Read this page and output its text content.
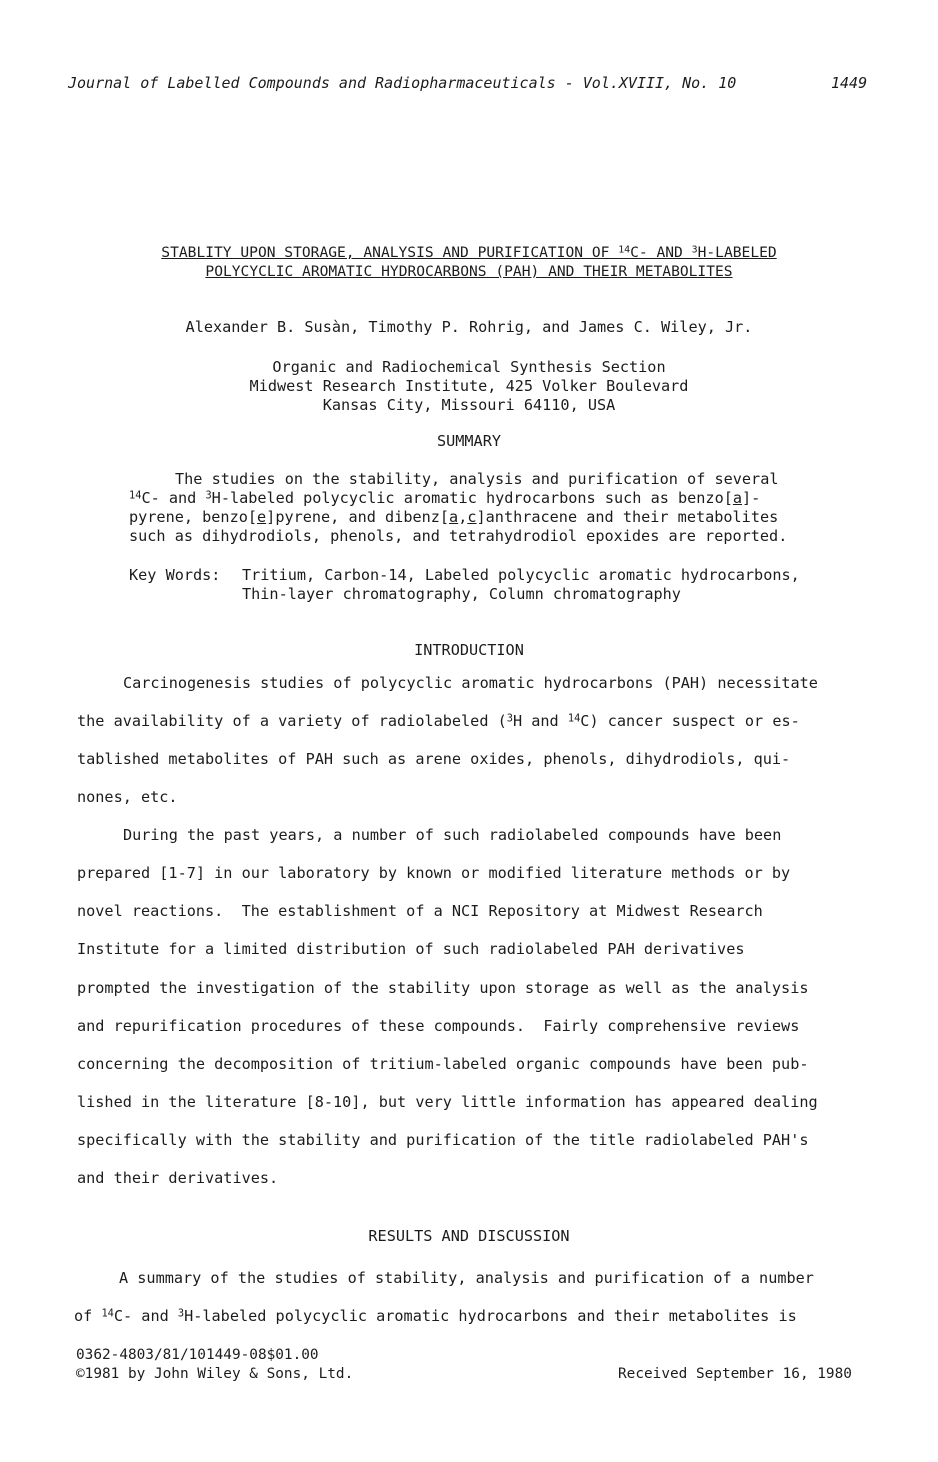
Journal of Labelled Compounds and Radiopharmaceuticals - Vol.XVIII, No. 10	1449
STABLITY UPON STORAGE, ANALYSIS AND PURIFICATION OF $^{14}$C- AND $^3$H-LABELED
POLYCYCLIC AROMATIC HYDROCARBONS (PAH) AND THEIR METABOLITES
Alexander B. Susàn, Timothy P. Rohrig, and James C. Wiley, Jr.
Organic and Radiochemical Synthesis Section
Midwest Research Institute, 425 Volker Boulevard
Kansas City, Missouri 64110, USA
SUMMARY
The studies on the stability, analysis and purification of several
$^{14}$C- and $^3$H-labeled polycyclic aromatic hydrocarbons such as benzo[a]-
pyrene, benzo[e]pyrene, and dibenz[a,c]anthracene and their metabolites
such as dihydrodiols, phenols, and tetrahydrodiol epoxides are reported.
Key Words: Tritium, Carbon-14, Labeled polycyclic aromatic hydrocarbons,
Thin-layer chromatography, Column chromatography
INTRODUCTION
Carcinogenesis studies of polycyclic aromatic hydrocarbons (PAH) necessitate
the availability of a variety of radiolabeled ($^3$H and $^{14}$C) cancer suspect or es-
tablished metabolites of PAH such as arene oxides, phenols, dihydrodiols, qui-
nones, etc.
During the past years, a number of such radiolabeled compounds have been
prepared [1-7] in our laboratory by known or modified literature methods or by
novel reactions.  The establishment of a NCI Repository at Midwest Research
Institute for a limited distribution of such radiolabeled PAH derivatives
prompted the investigation of the stability upon storage as well as the analysis
and repurification procedures of these compounds.  Fairly comprehensive reviews
concerning the decomposition of tritium-labeled organic compounds have been pub-
lished in the literature [8-10], but very little information has appeared dealing
specifically with the stability and purification of the title radiolabeled PAH's
and their derivatives.
RESULTS AND DISCUSSION
A summary of the studies of stability, analysis and purification of a number
of $^{14}$C- and $^3$H-labeled polycyclic aromatic hydrocarbons and their metabolites is
0362-4803/81/101449-08$01.00
©1981 by John Wiley & Sons, Ltd.	Received September 16, 1980
